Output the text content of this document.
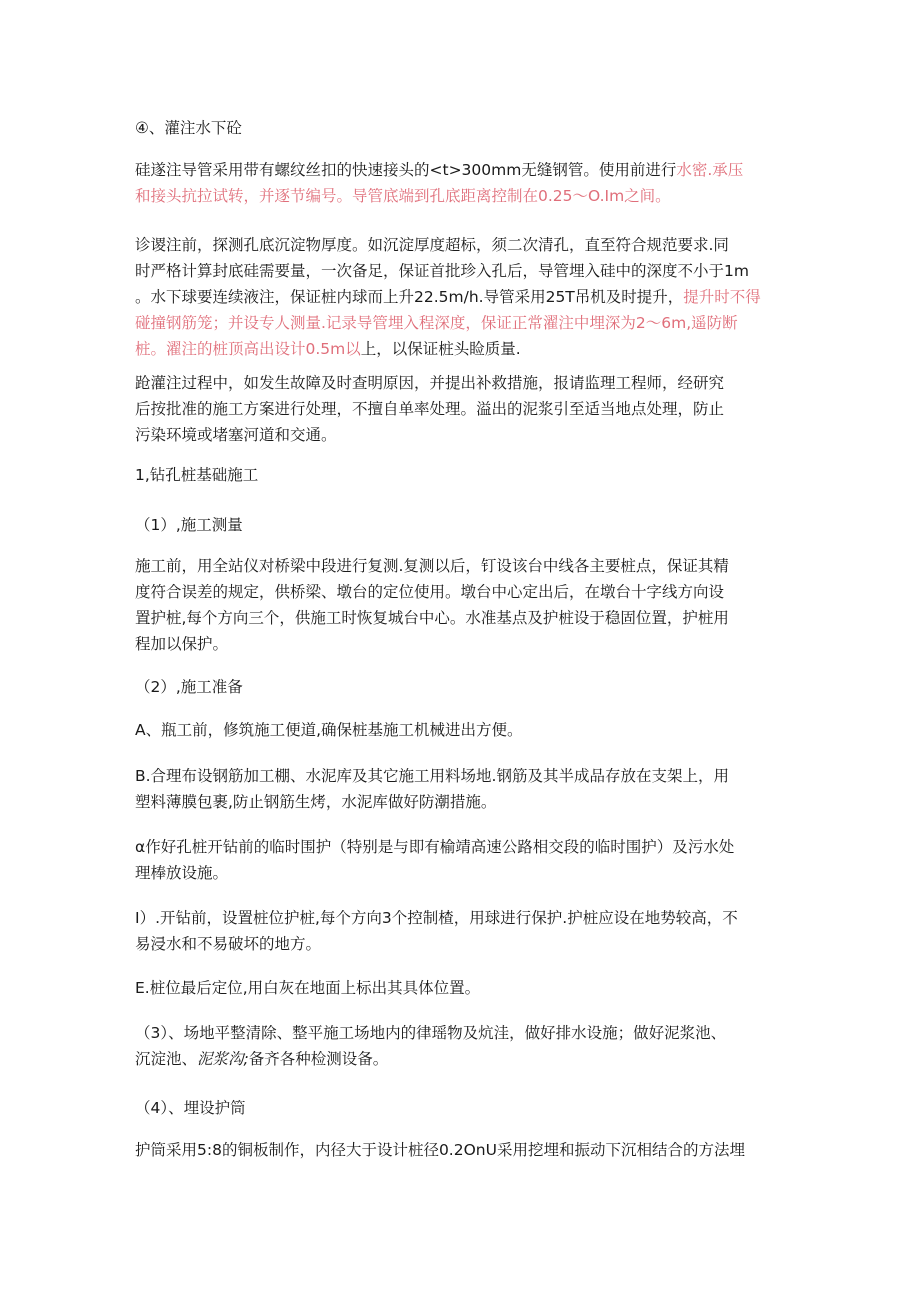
④、灌注水下砼
硅遂注导管采用带有螺纹丝扣的快速接头的<t>300mm无缝钢管。使用前进行水密.承压
和接头抗拉试转，并逐节编号。导管底端到孔底距离控制在0.25〜O.Im之间。
诊谡注前，探测孔底沉淀物厚度。如沉淀厚度超标，须二次清孔，直至符合规范要求.同
时严格计算封底硅需要量，一次备足，保证首批珍入孔后，导管埋入硅中的深度不小于1m
。水下球要连续液注，保证桩内球而上升22.5m/h.导管采用25T吊机及时提升，提升时不得
碰撞钢筋笼；并设专人测量.记录导管埋入程深度，保证正常濯注中埋深为2〜6m,遥防断
桩。濯注的桩顶高出设计0.5m以上，以保证桩头睑质量.
跄灌注过程中，如发生故障及时查明原因，并提出补救措施，报请监理工程师，经研究
后按批准的施工方案进行处理，不擅自单率处理。溢出的泥浆引至适当地点处理，防止
污染环境或堵塞河道和交通。
1,钻孔桩基础施工
（1）,施工测量
施工前，用全站仪对桥梁中段进行复测.复测以后，钉设该台中线各主要桩点，保证其精
度符合误差的规定，供桥梁、墩台的定位使用。墩台中心定出后，在墩台十字线方向设
置护桩,每个方向三个，供施工时恢复城台中心。水准基点及护桩设于稳固位置，护桩用
程加以保护。
（2）,施工准备
A、瓶工前，修筑施工便道,确保桩基施工机械进出方便。
B.合理布设钢筋加工棚、水泥库及其它施工用料场地.钢筋及其半成品存放在支架上，用
塑料薄膜包裹,防止钢筋生烤，水泥库做好防潮措施。
α作好孔桩开钻前的临时围护（特别是与即有榆靖高速公路相交段的临时围护）及污水处
理棒放设施。
I）.开钻前，设置桩位护桩,每个方向3个控制楂，用球进行保护.护桩应设在地势较高，不
易浸水和不易破坏的地方。
E.桩位最后定位,用白灰在地面上标出其具体位置。
（3）、场地平整清除、整平施工场地内的律瑶物及炕洼，做好排水设施；做好泥浆池、
沉淀池、泥浆沟;备齐各种检测设备。
（4）、埋设护筒
护筒采用5:8的铜板制作，内径大于设计桩径0.2OnU采用挖埋和振动下沉相结合的方法埋
